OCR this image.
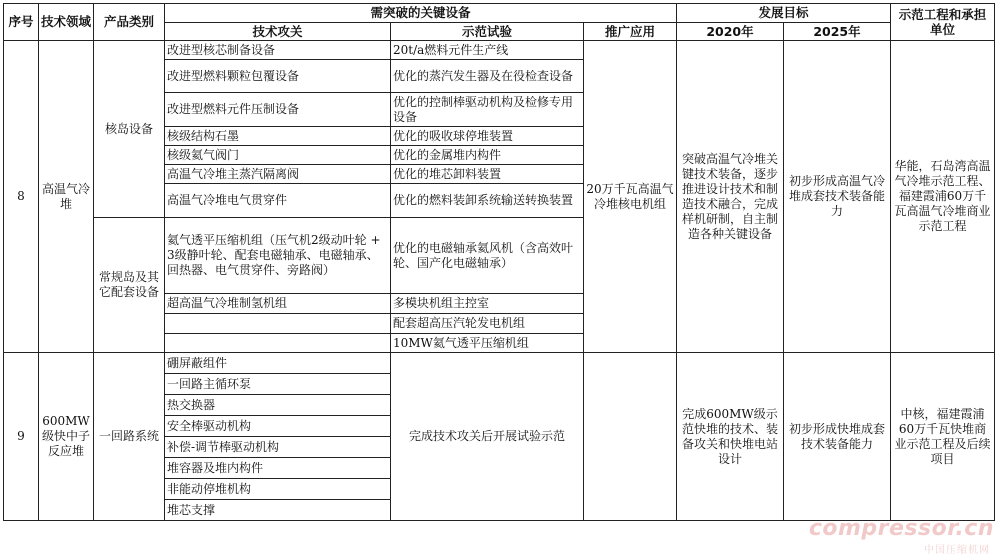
序号	技术领域	产品类别	需突破的关键设备			发展目标		示范工程和承担单位
			技术攻关	示范试验	推广应用	2020年	2025年	
8	高温气冷堆	核岛设备	改进型核芯制备设备	20t/a燃料元件生产线	20万千瓦高温气冷堆核电机组	突破高温气冷堆关键技术装备，逐步推进设计技术和制造技术融合，完成样机研制，自主制造各种关键设备	初步形成高温气冷堆成套技术装备能力	华能，石岛湾高温气冷堆示范工程、福建霞浦60万千瓦高温气冷堆商业示范工程
			改进型燃料颗粒包覆设备	优化的蒸汽发生器及在役检查设备				
			改进型燃料元件压制设备	优化的控制棒驱动机构及检修专用设备				
			核级结构石墨	优化的吸收球停堆装置				
			核级氦气阀门	优化的金属堆内构件				
			高温气冷堆主蒸汽隔离阀	优化的堆芯卸料装置				
			高温气冷堆电气贯穿件	优化的燃料装卸系统输送转换装置				
		常规岛及其它配套设备	氦气透平压缩机组（压气机2级动叶轮 + 3级静叶轮、配套电磁轴承、电磁轴承、回热器、电气贯穿件、旁路阀）	优化的电磁轴承氦风机（含高效叶轮、国产化电磁轴承）				
			超高温气冷堆制氢机组	多模块机组主控室				
				配套超高压汽轮发电机组				
				10MW氦气透平压缩机组				
9	600MW级快中子反应堆	一回路系统	硼屏蔽组件	完成技术攻关后开展试验示范		完成600MW级示范快堆的技术、装备攻关和快堆电站设计	初步形成快堆成套技术装备能力	中核，福建霞浦60万千瓦快堆商业示范工程及后续项目
			一回路主循环泵					
			热交换器					
			安全棒驱动机构					
			补偿-调节棒驱动机构					
			堆容器及堆内构件					
			非能动停堆机构					
			堆芯支撑					
compressor.cn
中国压缩机网
